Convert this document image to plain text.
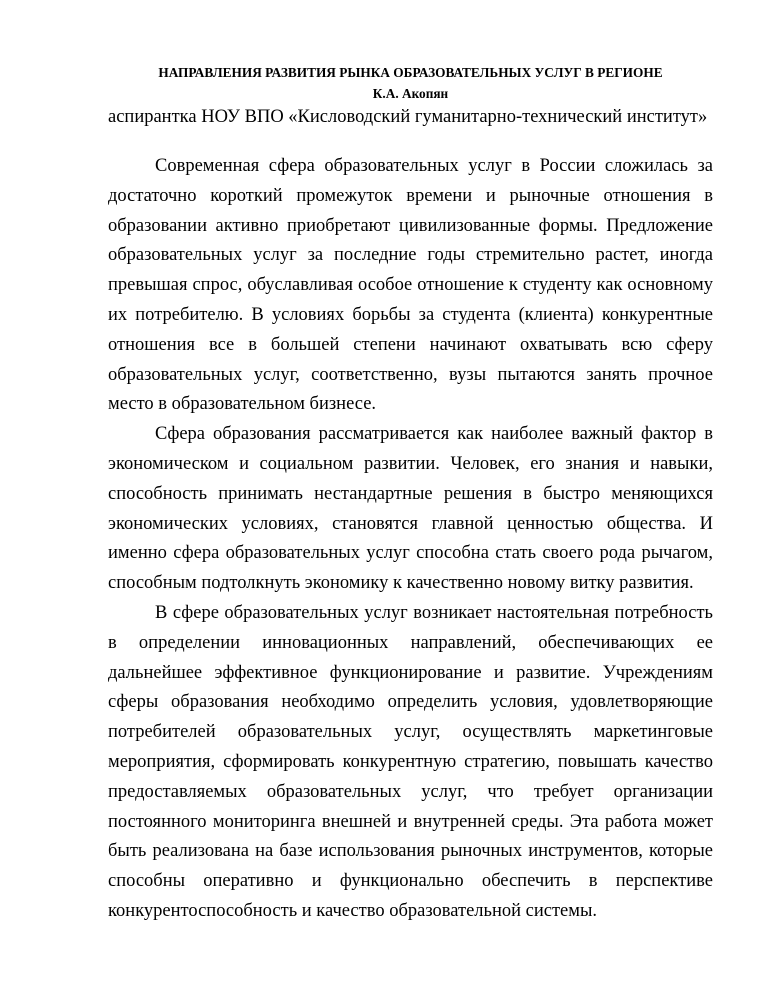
НАПРАВЛЕНИЯ РАЗВИТИЯ РЫНКА ОБРАЗОВАТЕЛЬНЫХ УСЛУГ В РЕГИОНЕ
К.А. Акопян
аспирантка НОУ ВПО «Кисловодский гуманитарно-технический институт»

Современная сфера образовательных услуг в России сложилась за достаточно короткий промежуток времени и рыночные отношения в образовании активно приобретают цивилизованные формы. Предложение образовательных услуг за последние годы стремительно растет, иногда превышая спрос, обуславливая особое отношение к студенту как основному их потребителю. В условиях борьбы за студента (клиента) конкурентные отношения все в большей степени начинают охватывать всю сферу образовательных услуг, соответственно, вузы пытаются занять прочное место в образовательном бизнесе.

Сфера образования рассматривается как наиболее важный фактор в экономическом и социальном развитии. Человек, его знания и навыки, способность принимать нестандартные решения в быстро меняющихся экономических условиях, становятся главной ценностью общества. И именно сфера образовательных услуг способна стать своего рода рычагом, способным подтолкнуть экономику к качественно новому витку развития.

В сфере образовательных услуг возникает настоятельная потребность в определении инновационных направлений, обеспечивающих ее дальнейшее эффективное функционирование и развитие. Учреждениям сферы образования необходимо определить условия, удовлетворяющие потребителей образовательных услуг, осуществлять маркетинговые мероприятия, сформировать конкурентную стратегию, повышать качество предоставляемых образовательных услуг, что требует организации постоянного мониторинга внешней и внутренней среды. Эта работа может быть реализована на базе использования рыночных инструментов, которые способны оперативно и функционально обеспечить в перспективе конкурентоспособность и качество образовательной системы.
